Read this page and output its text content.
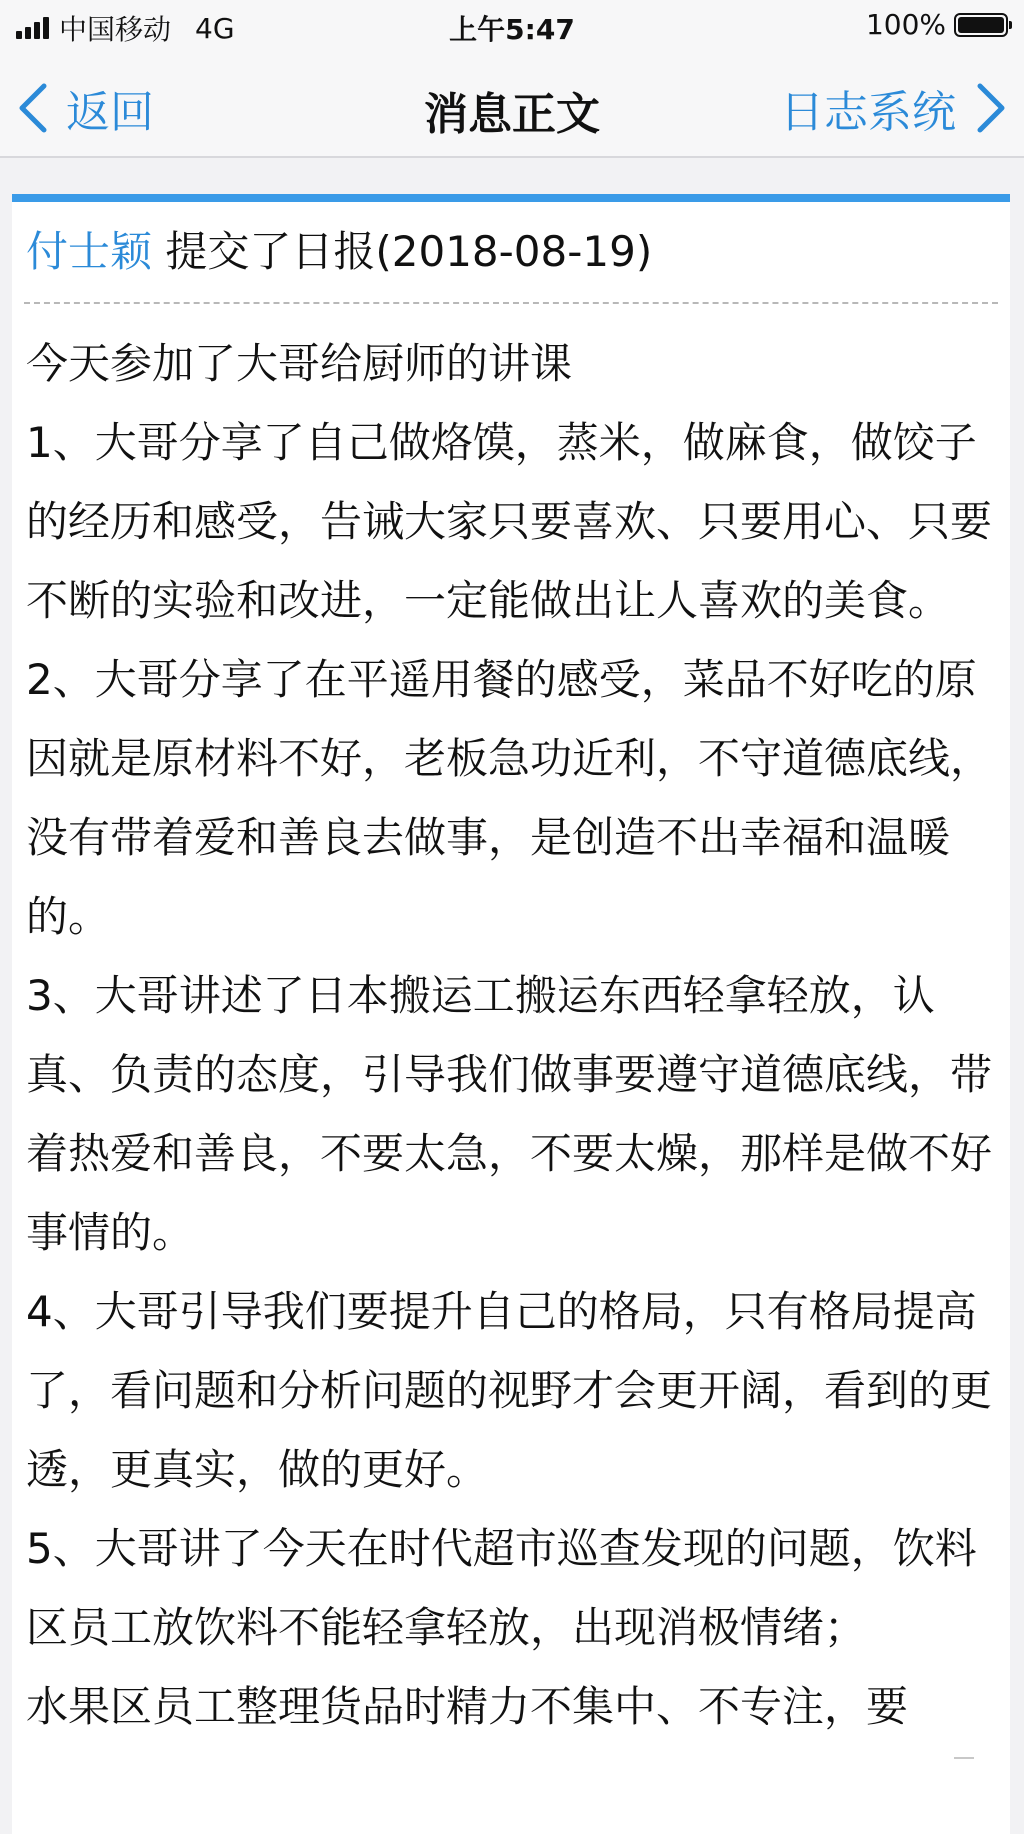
中国移动 4G	上午5:47	100%
返回	消息正文	日志系统
付士颖 提交了日报(2018-08-19)

今天参加了大哥给厨师的讲课

1、大哥分享了自己做烙馍，蒸米，做麻食，做饺子的经历和感受，告诫大家只要喜欢、只要用心、只要不断的实验和改进，一定能做出让人喜欢的美食。

2、大哥分享了在平遥用餐的感受，菜品不好吃的原因就是原材料不好，老板急功近利，不守道德底线，没有带着爱和善良去做事，是创造不出幸福和温暖的。

3、大哥讲述了日本搬运工搬运东西轻拿轻放，认真、负责的态度，引导我们做事要遵守道德底线，带着热爱和善良，不要太急，不要太燥，那样是做不好事情的。

4、大哥引导我们要提升自己的格局，只有格局提高了，看问题和分析问题的视野才会更开阔，看到的更透，更真实，做的更好。

5、大哥讲了今天在时代超市巡查发现的问题，饮料区员工放饮料不能轻拿轻放，出现消极情绪；

水果区员工整理货品时精力不集中、不专注，要
